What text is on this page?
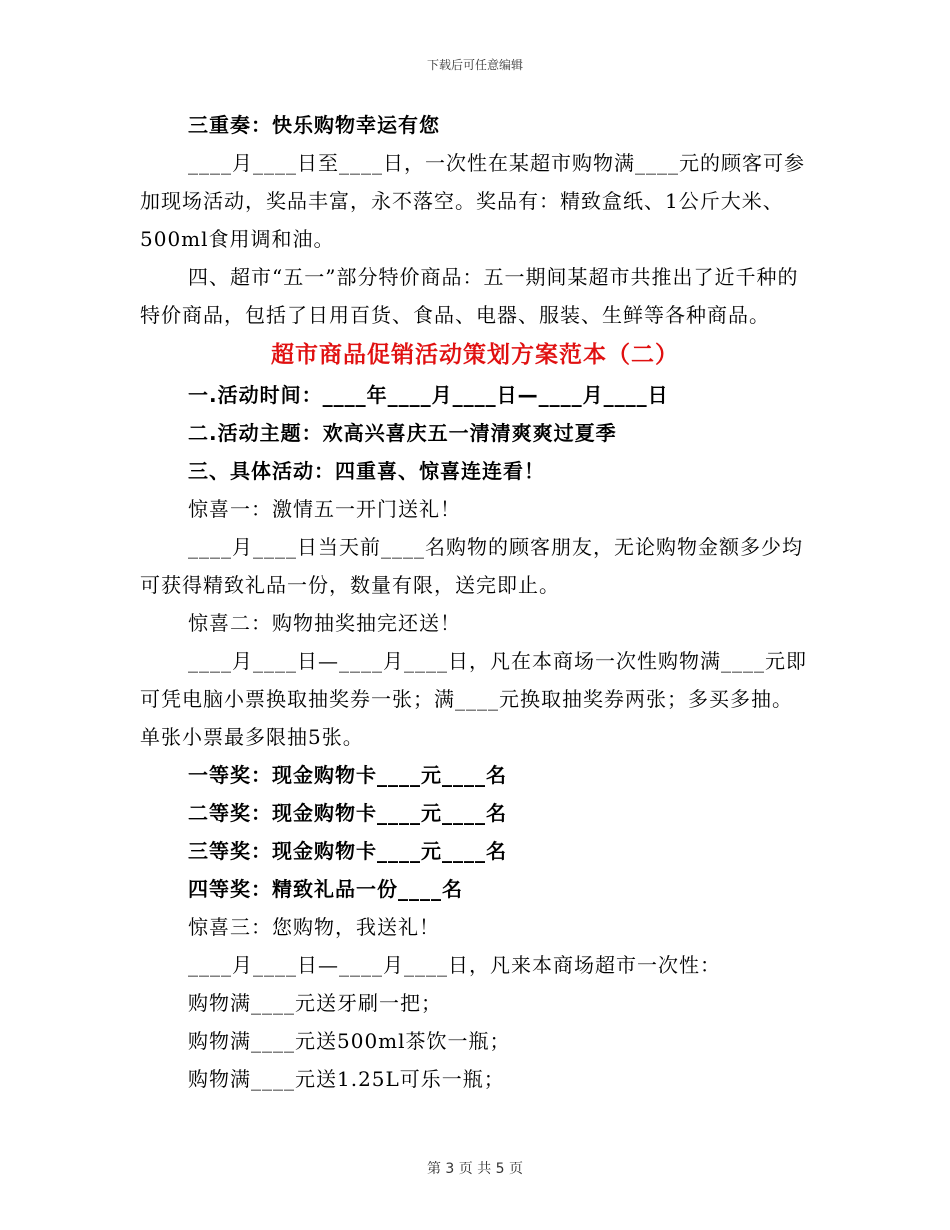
下载后可任意编辑

三重奏：快乐购物幸运有您

____月____日至____日，一次性在某超市购物满____元的顾客可参加现场活动，奖品丰富，永不落空。奖品有：精致盒纸、1公斤大米、500ml食用调和油。

四、超市“五一”部分特价商品：五一期间某超市共推出了近千种的特价商品，包括了日用百货、食品、电器、服装、生鲜等各种商品。

超市商品促销活动策划方案范本（二）

一.活动时间：____年____月____日—____月____日

二.活动主题：欢高兴喜庆五一清清爽爽过夏季

三、具体活动：四重喜、惊喜连连看！

惊喜一：激情五一开门送礼！

____月____日当天前____名购物的顾客朋友，无论购物金额多少均可获得精致礼品一份，数量有限，送完即止。

惊喜二：购物抽奖抽完还送！

____月____日—____月____日，凡在本商场一次性购物满____元即可凭电脑小票换取抽奖券一张；满____元换取抽奖券两张；多买多抽。单张小票最多限抽5张。

一等奖：现金购物卡____元____名

二等奖：现金购物卡____元____名

三等奖：现金购物卡____元____名

四等奖：精致礼品一份____名

惊喜三：您购物，我送礼！

____月____日—____月____日，凡来本商场超市一次性：

购物满____元送牙刷一把；

购物满____元送500ml茶饮一瓶；

购物满____元送1.25L可乐一瓶；

第 3 页 共 5 页
